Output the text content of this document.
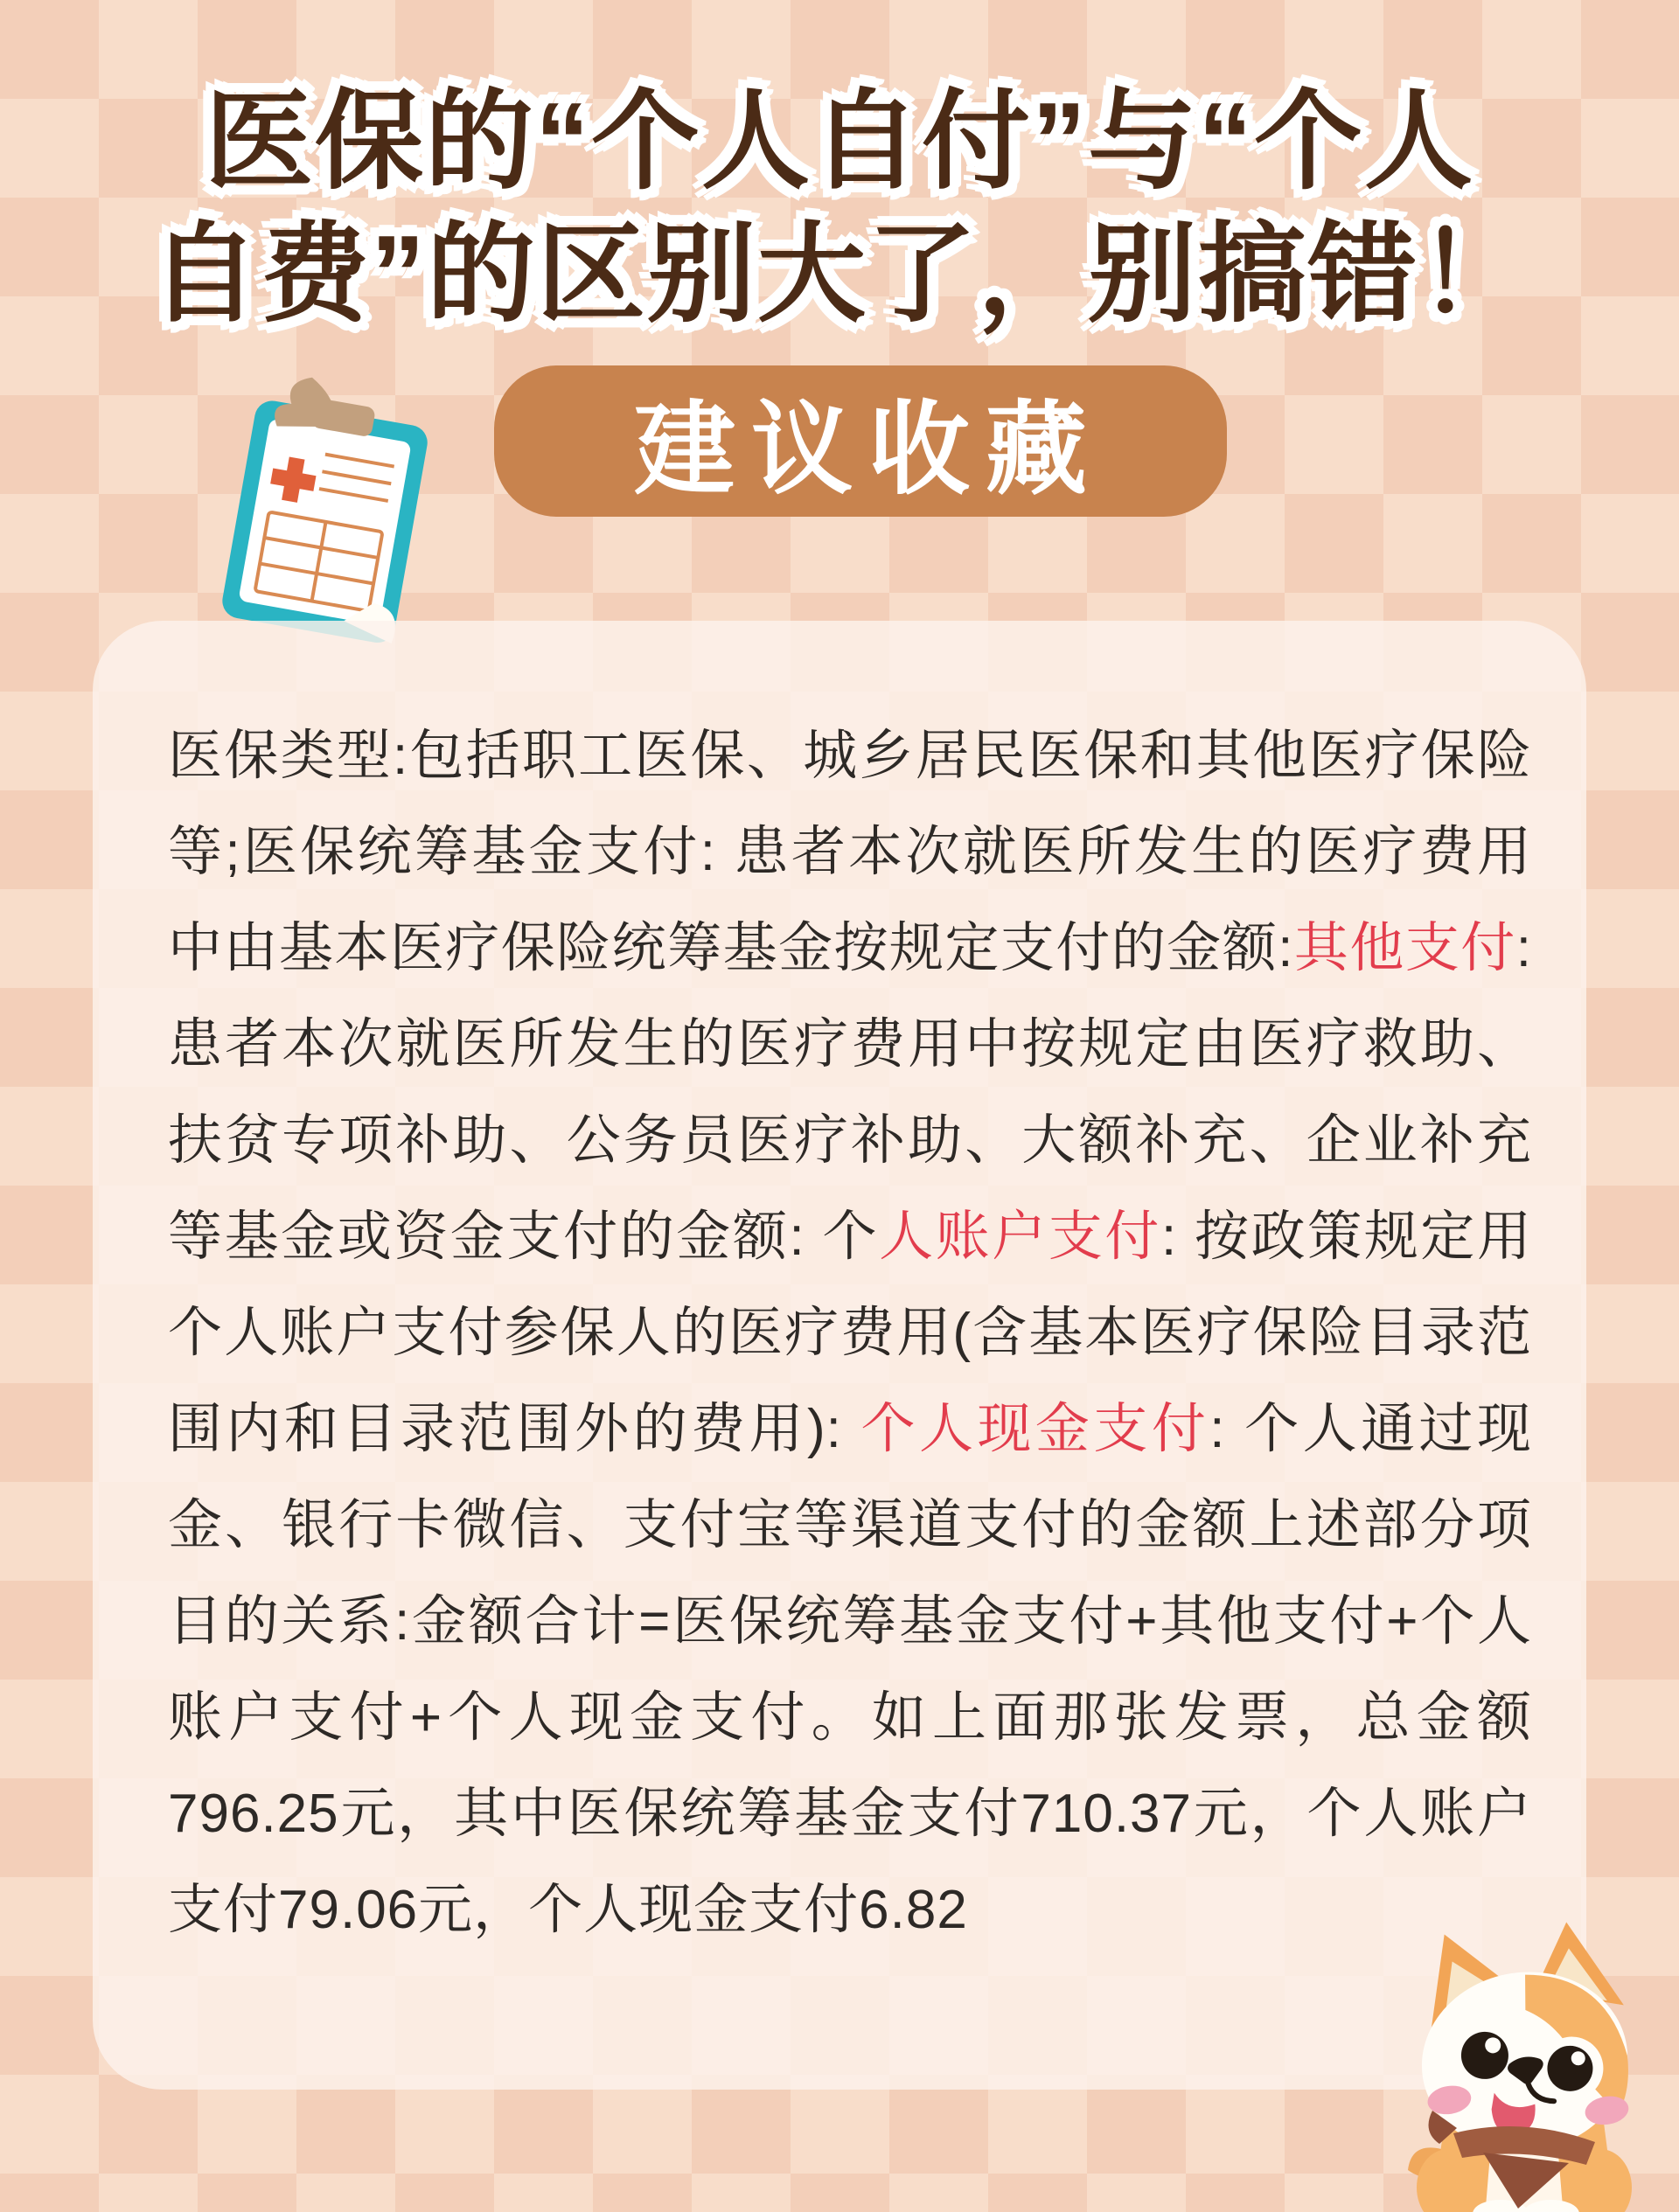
医保的“个人自付”与“个人
自费”的区别大了，别搞错！
建议收藏

医保类型:包括职工医保、城乡居民医保和其他医疗保险等;医保统筹基金支付: 患者本次就医所发生的医疗费用中由基本医疗保险统筹基金按规定支付的金额:其他支付: 患者本次就医所发生的医疗费用中按规定由医疗救助、扶贫专项补助、公务员医疗补助、大额补充、企业补充等基金或资金支付的金额: 个人账户支付: 按政策规定用个人账户支付参保人的医疗费用(含基本医疗保险目录范围内和目录范围外的费用): 个人现金支付: 个人通过现金、银行卡微信、支付宝等渠道支付的金额上述部分项目的关系:金额合计=医保统筹基金支付+其他支付+个人账户支付+个人现金支付。如上面那张发票，总金额796.25元，其中医保统筹基金支付710.37元，个人账户支付79.06元，个人现金支付6.82
